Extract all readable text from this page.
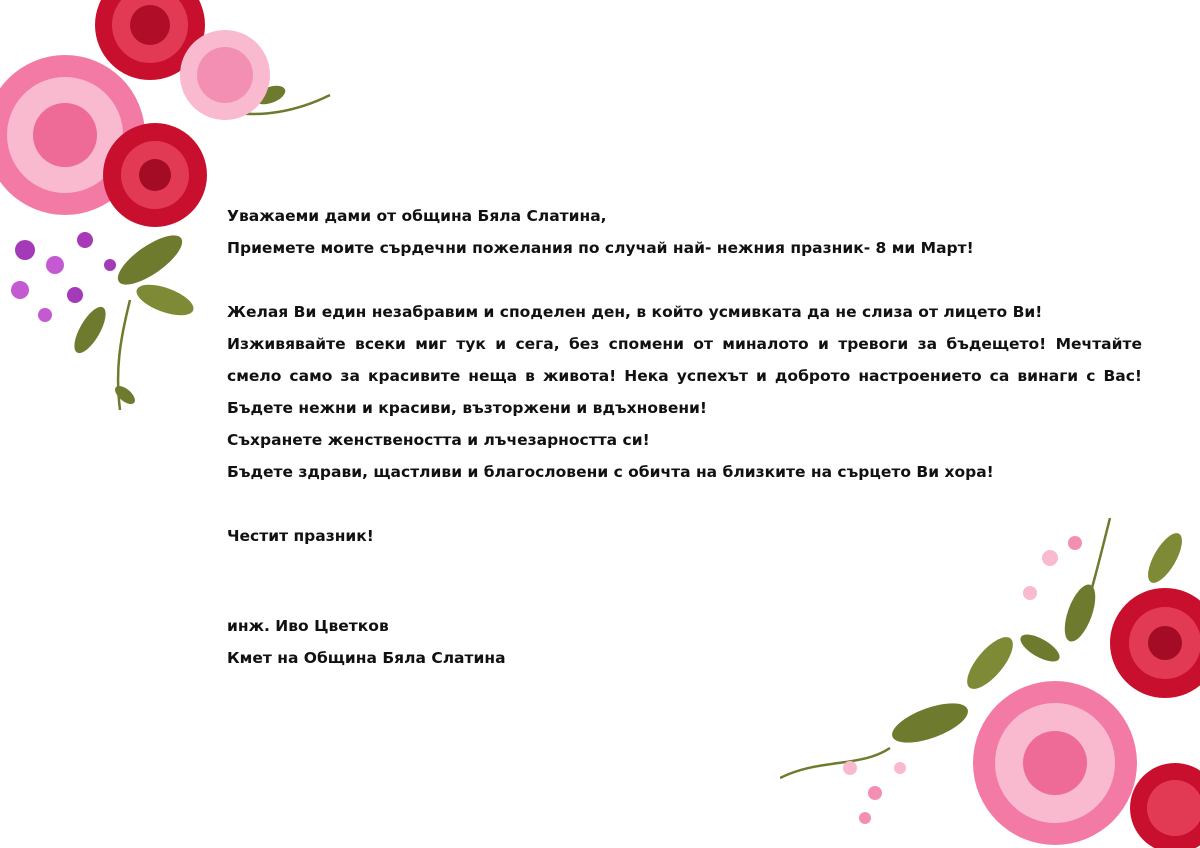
Уважаеми дами от община Бяла Слатина,

Приемете моите сърдечни пожелания по случай най- нежния празник- 8 ми Март!

Желая Ви един незабравим и споделен ден, в който усмивката да не слиза от лицето Ви!

Изживявайте всеки миг тук и сега, без спомени от миналото и тревоги за бъдещето! Мечтайте смело само за красивите неща в живота! Нека успехът и доброто настроението са винаги с Вас! Бъдете нежни и красиви, възторжени и вдъхновени!

Съхранете женствеността и лъчезарността си!

Бъдете здрави, щастливи и благословени с обичта на близките на сърцето Ви хора!

Честит празник!

инж. Иво Цветков

Кмет на Община Бяла Слатина
